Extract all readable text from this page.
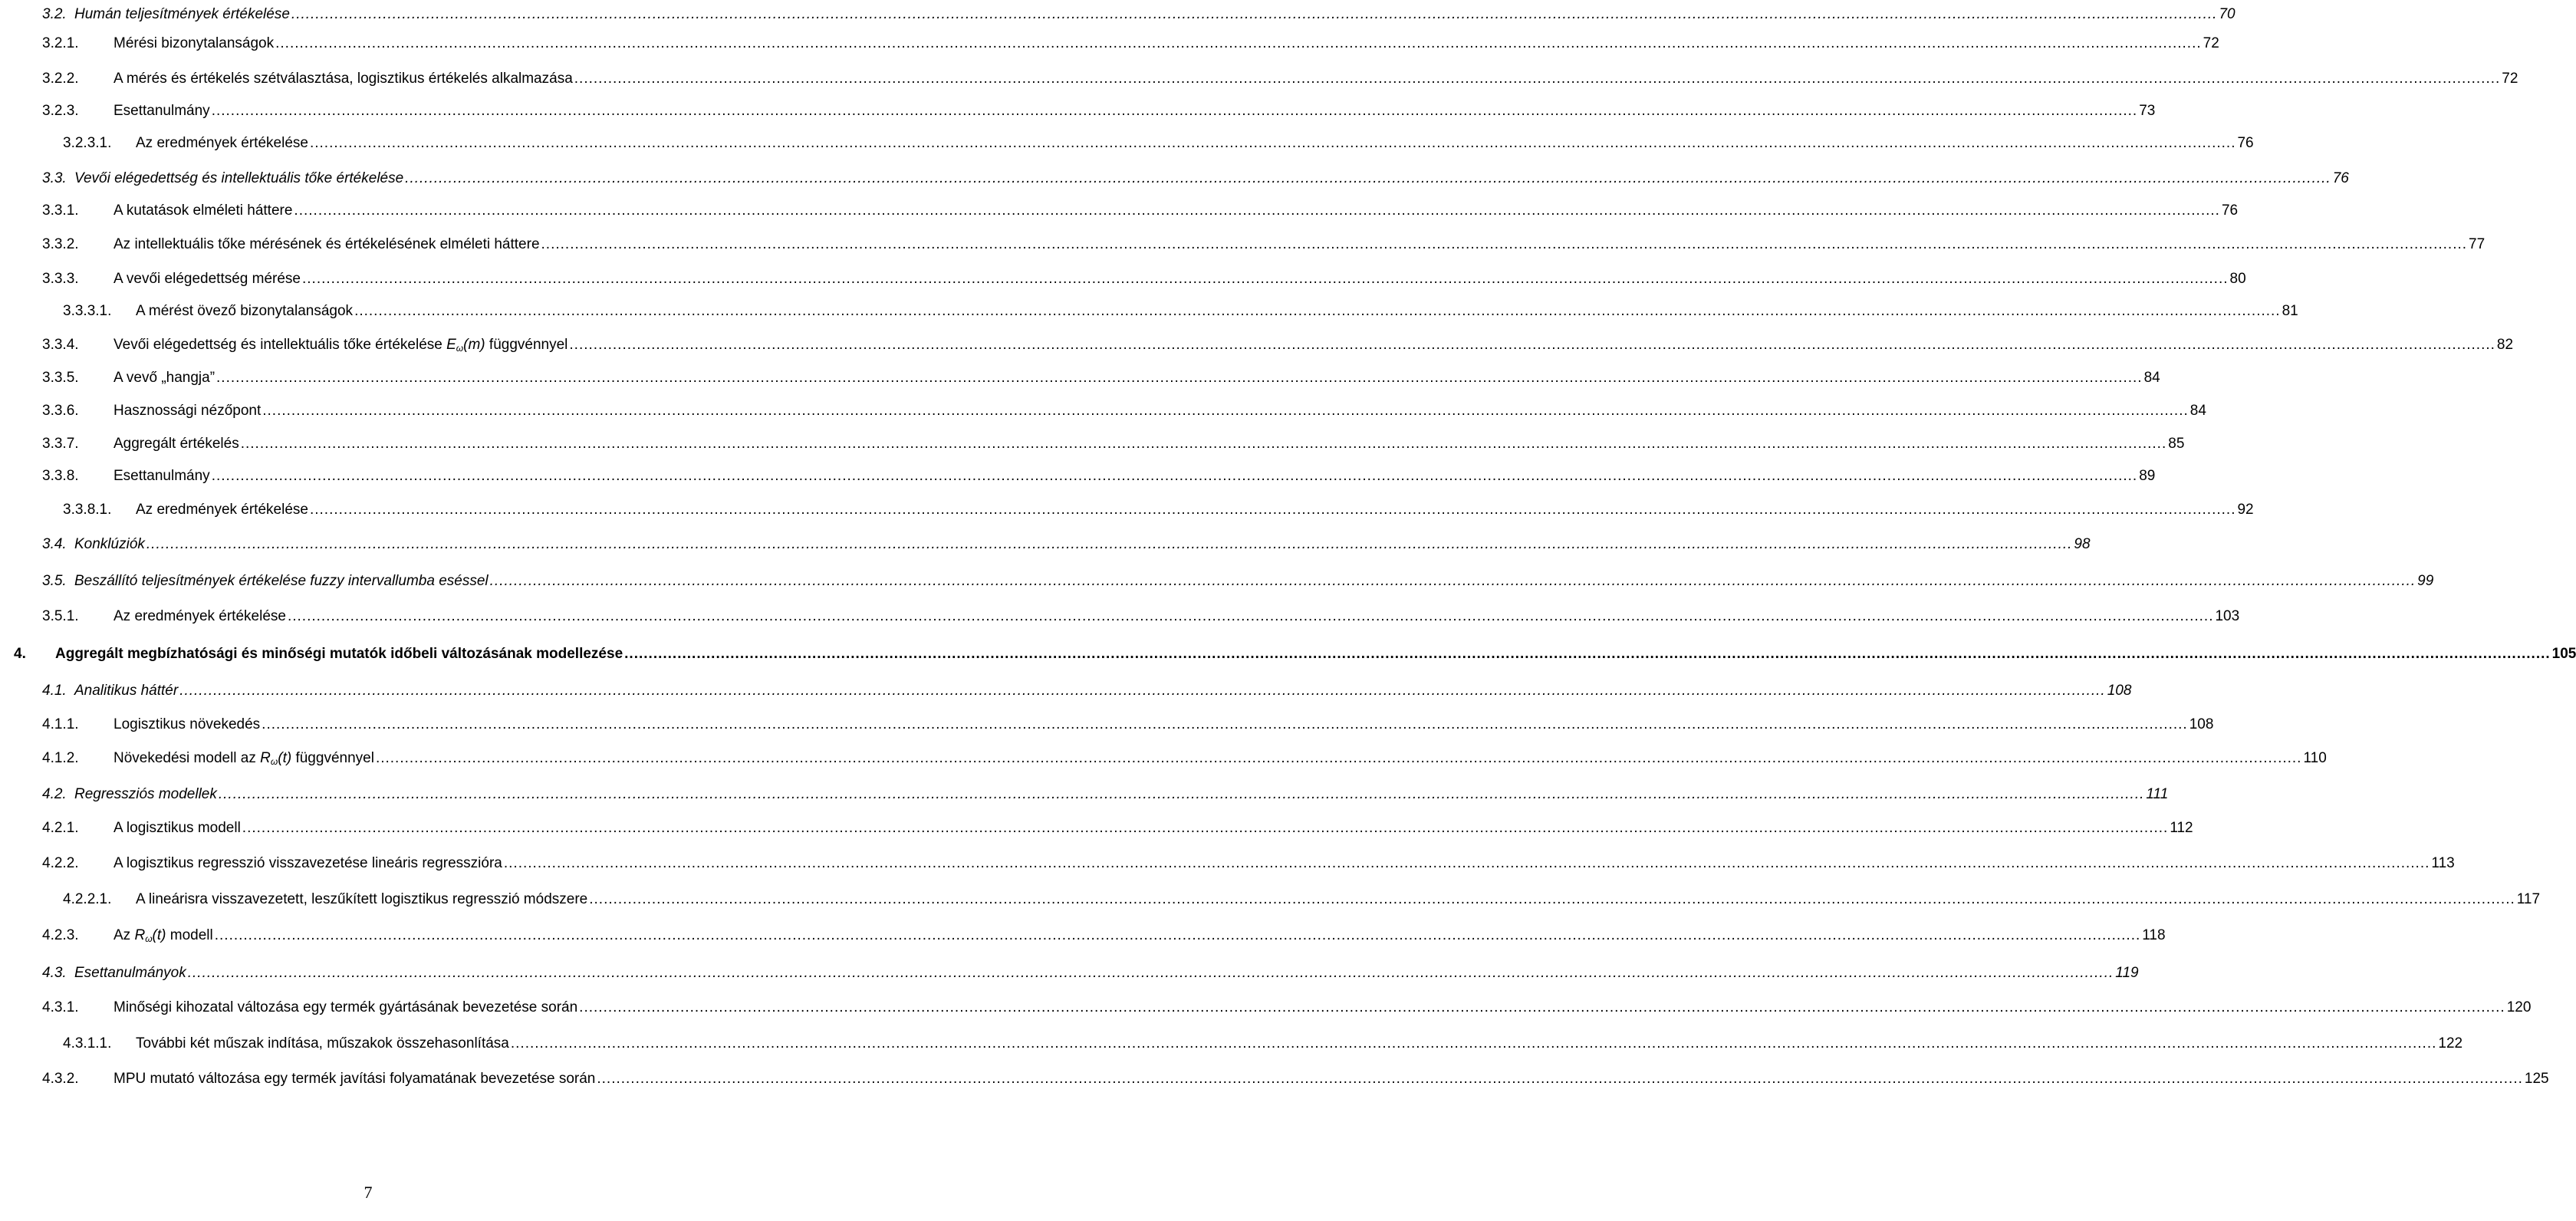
3.2. Humán teljesítmények értékelése ................................................................................................................................................................................................................................................................................................................................................................................................................ 70
3.2.1.	Mérési bizonytalanságok ................................................................................................................................................................................................................................................................................................................................................................................................................ 72
3.2.2.	A mérés és értékelés szétválasztása, logisztikus értékelés alkalmazása ................................................................................................................................................................................................................................................................................................................................................................................................................ 72
3.2.3.	Esettanulmány ................................................................................................................................................................................................................................................................................................................................................................................................................ 73
3.2.3.1.	Az eredmények értékelése ................................................................................................................................................................................................................................................................................................................................................................................................................ 76
3.3. Vevői elégedettség és intellektuális tőke értékelése ................................................................................................................................................................................................................................................................................................................................................................................................................ 76
3.3.1.	A kutatások elméleti háttere ................................................................................................................................................................................................................................................................................................................................................................................................................ 76
3.3.2.	Az intellektuális tőke mérésének és értékelésének elméleti háttere ................................................................................................................................................................................................................................................................................................................................................................................................................ 77
3.3.3.	A vevői elégedettség mérése ................................................................................................................................................................................................................................................................................................................................................................................................................ 80
3.3.3.1.	A mérést övező bizonytalanságok ................................................................................................................................................................................................................................................................................................................................................................................................................ 81
3.3.4.	Vevői elégedettség és intellektuális tőke értékelése $E_\omega(m)$ függvénnyel ................................................................................................................................................................................................................................................................................................................................................................................................................ 82
3.3.5.	A vevő „hangja” ................................................................................................................................................................................................................................................................................................................................................................................................................ 84
3.3.6.	Hasznossági nézőpont ................................................................................................................................................................................................................................................................................................................................................................................................................ 84
3.3.7.	Aggregált értékelés ................................................................................................................................................................................................................................................................................................................................................................................................................ 85
3.3.8.	Esettanulmány ................................................................................................................................................................................................................................................................................................................................................................................................................ 89
3.3.8.1.	Az eredmények értékelése ................................................................................................................................................................................................................................................................................................................................................................................................................ 92
3.4. Konklúziók ................................................................................................................................................................................................................................................................................................................................................................................................................ 98
3.5. Beszállító teljesítmények értékelése fuzzy intervallumba eséssel ................................................................................................................................................................................................................................................................................................................................................................................................................ 99
3.5.1.	Az eredmények értékelése ................................................................................................................................................................................................................................................................................................................................................................................................................ 103
4.	Aggregált megbízhatósági és minőségi mutatók időbeli változásának modellezése ................................................................................................................................................................................................................................................................................................................................................................................................................ 105
4.1. Analitikus háttér ................................................................................................................................................................................................................................................................................................................................................................................................................ 108
4.1.1.	Logisztikus növekedés ................................................................................................................................................................................................................................................................................................................................................................................................................ 108
4.1.2.	Növekedési modell az $R_\omega(t)$ függvénnyel ................................................................................................................................................................................................................................................................................................................................................................................................................ 110
4.2. Regressziós modellek ................................................................................................................................................................................................................................................................................................................................................................................................................ 111
4.2.1.	A logisztikus modell ................................................................................................................................................................................................................................................................................................................................................................................................................ 112
4.2.2.	A logisztikus regresszió visszavezetése lineáris regresszióra ................................................................................................................................................................................................................................................................................................................................................................................................................ 113
4.2.2.1.	A lineárisra visszavezetett, leszűkített logisztikus regresszió módszere ................................................................................................................................................................................................................................................................................................................................................................................................................ 117
4.2.3.	Az $R_\omega(t)$ modell ................................................................................................................................................................................................................................................................................................................................................................................................................ 118
4.3. Esettanulmányok ................................................................................................................................................................................................................................................................................................................................................................................................................ 119
4.3.1.	Minőségi kihozatal változása egy termék gyártásának bevezetése során ................................................................................................................................................................................................................................................................................................................................................................................................................ 120
4.3.1.1.	További két műszak indítása, műszakok összehasonlítása ................................................................................................................................................................................................................................................................................................................................................................................................................ 122
4.3.2.	MPU mutató változása egy termék javítási folyamatának bevezetése során ................................................................................................................................................................................................................................................................................................................................................................................................................ 125
7
